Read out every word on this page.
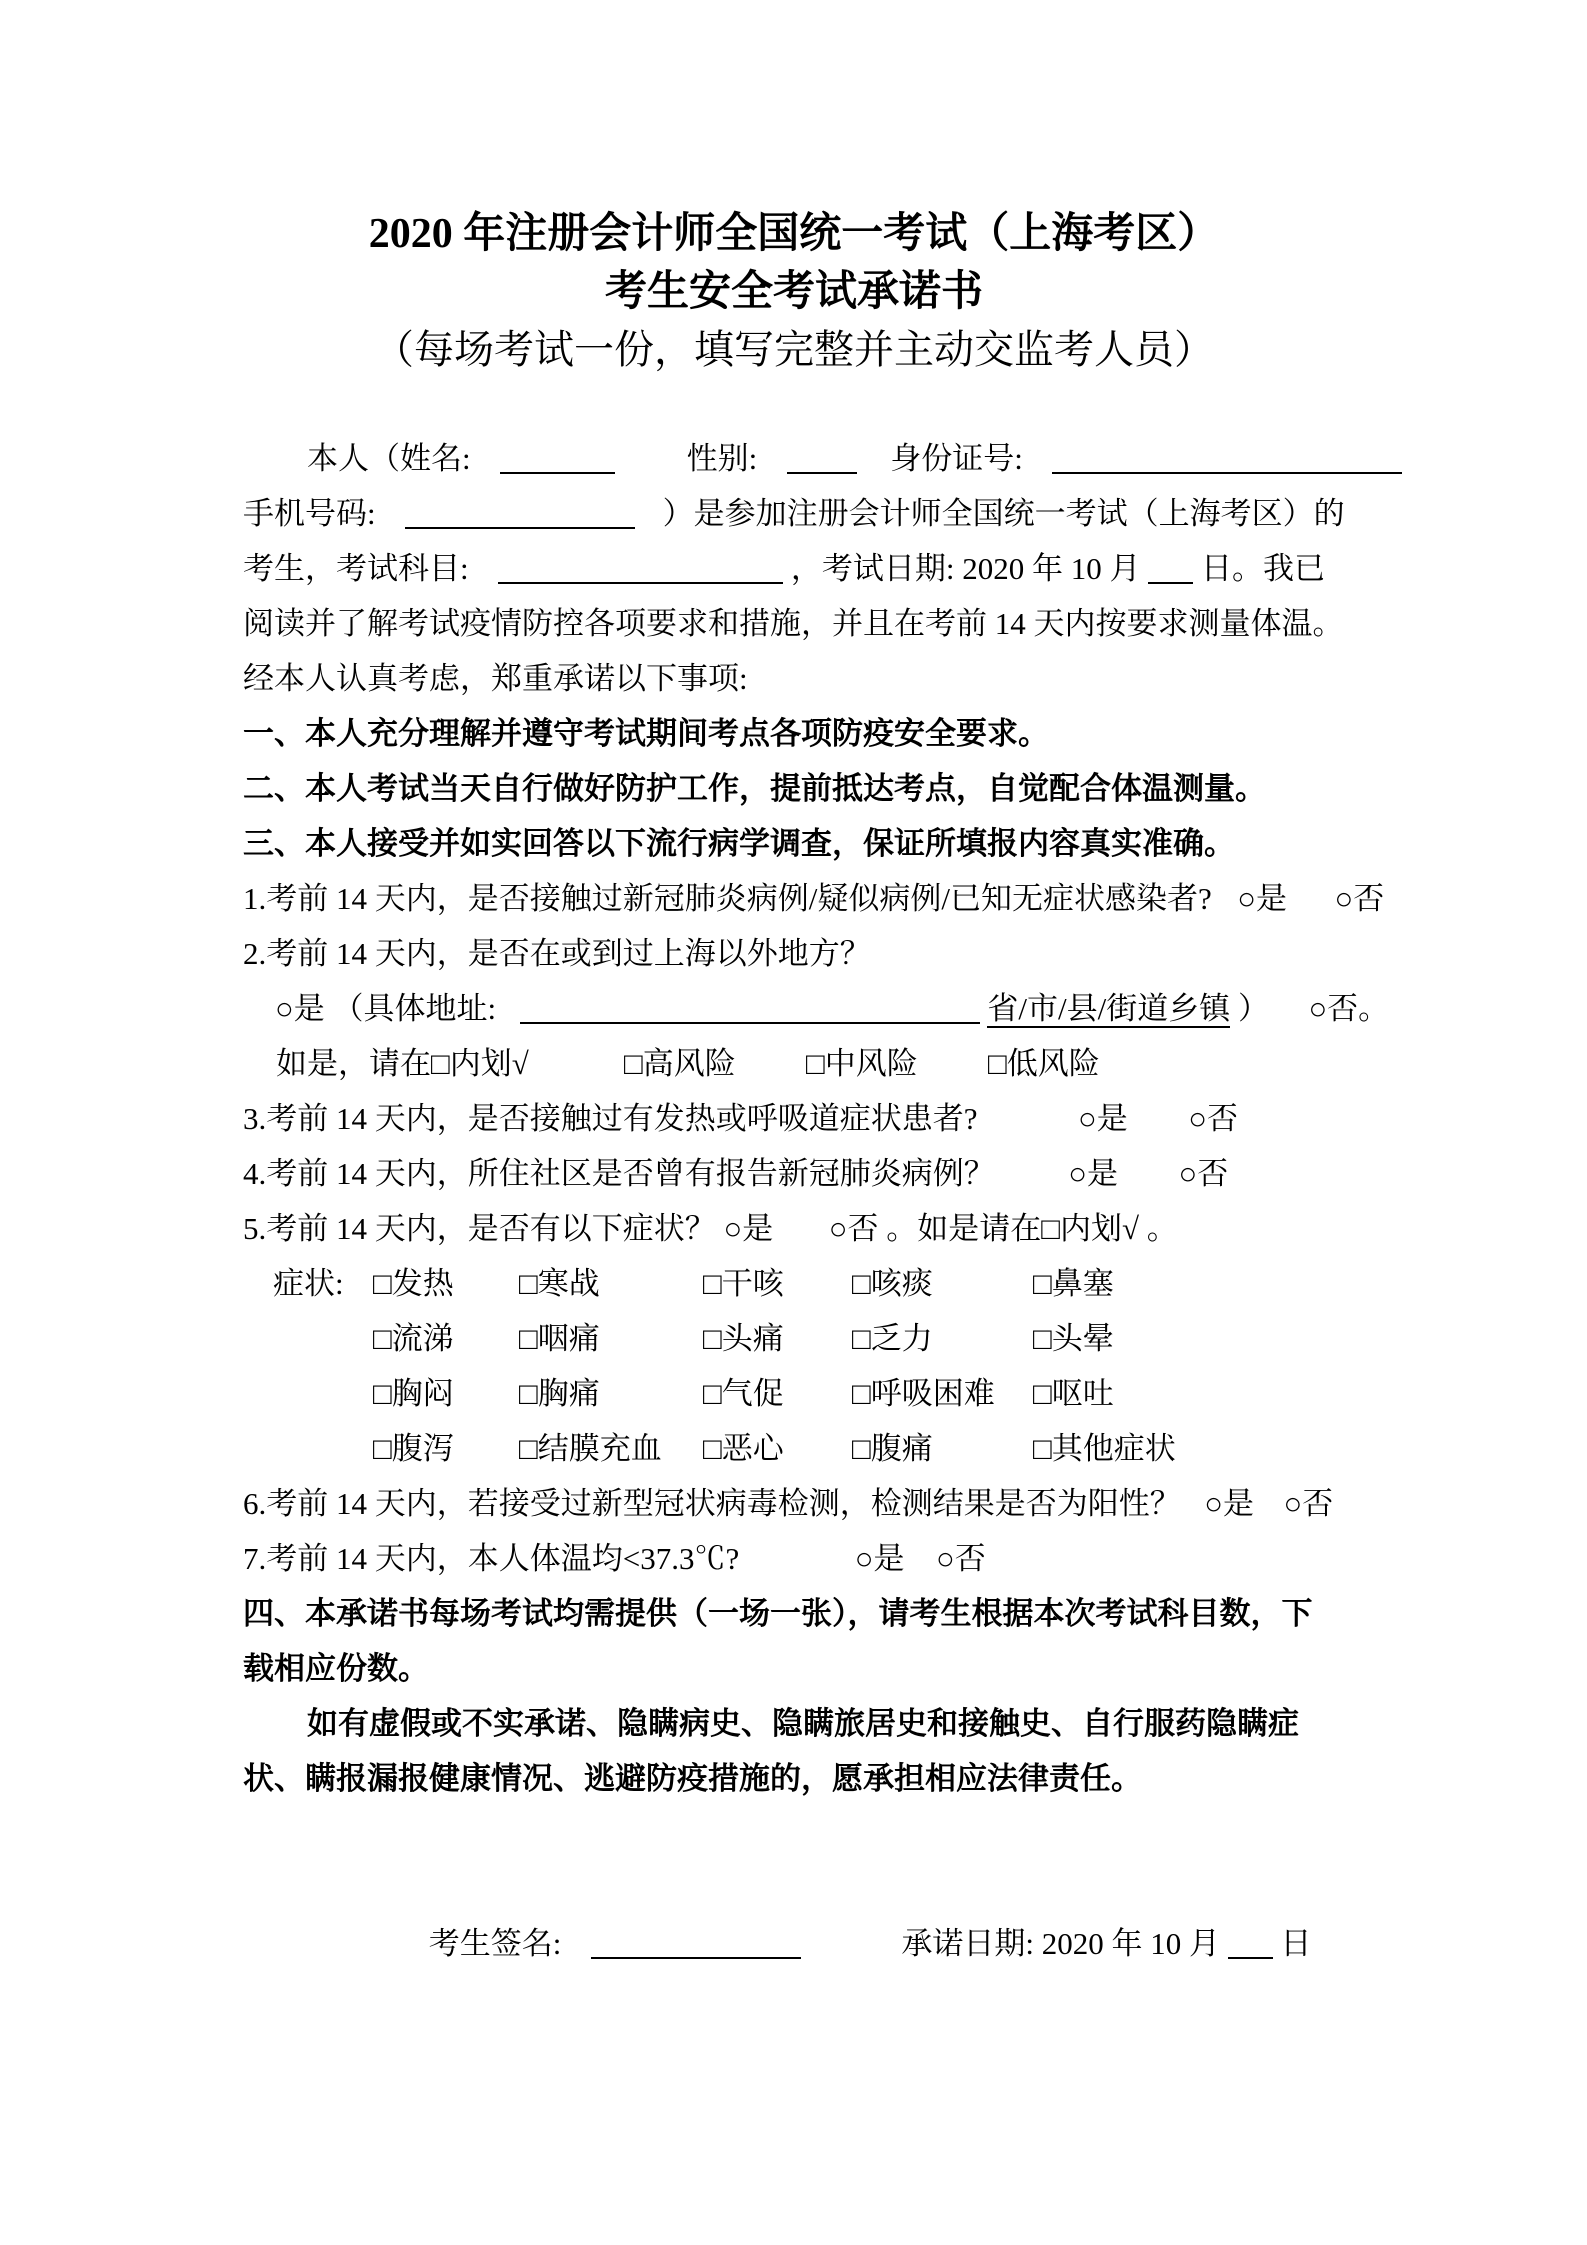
2020 年注册会计师全国统一考试（上海考区）
考生安全考试承诺书
（每场考试一份，填写完整并主动交监考人员）
本人（姓名:	性别:	身份证号:
手机号码:	）是参加注册会计师全国统一考试（上海考区）的
考生，考试科目:	，考试日期: 2020 年 10 月 日。我已
阅读并了解考试疫情防控各项要求和措施，并且在考前 14 天内按要求测量体温。
经本人认真考虑，郑重承诺以下事项:
一、本人充分理解并遵守考试期间考点各项防疫安全要求。
二、本人考试当天自行做好防护工作，提前抵达考点，自觉配合体温测量。
三、本人接受并如实回答以下流行病学调查，保证所填报内容真实准确。
1.考前 14 天内，是否接触过新冠肺炎病例/疑似病例/已知无症状感染者? ○是 ○否
2.考前 14 天内，是否在或到过上海以外地方？
○是 （具体地址:	省/市/县/街道乡镇 ） ○否。
如是，请在□内划√	□高风险 □中风险 □低风险
3.考前 14 天内，是否接触过有发热或呼吸道症状患者?	○是 ○否
4.考前 14 天内，所住社区是否曾有报告新冠肺炎病例？ ○是 ○否
5.考前 14 天内，是否有以下症状？ ○是 ○否 。如是请在□内划√ 。
症状: □发热 □寒战	□干咳 □咳痰	□鼻塞
□流涕 □咽痛	□头痛 □乏力	□头晕
□胸闷 □胸痛	□气促 □呼吸困难 □呕吐
□腹泻 □结膜充血 □恶心 □腹痛	□其他症状
6.考前 14 天内，若接受过新型冠状病毒检测，检测结果是否为阳性？ ○是 ○否
7.考前 14 天内，本人体温均<37.3℃?	○是 ○否
四、本承诺书每场考试均需提供（一场一张），请考生根据本次考试科目数，下
载相应份数。
如有虚假或不实承诺、隐瞒病史、隐瞒旅居史和接触史、自行服药隐瞒症
状、瞒报漏报健康情况、逃避防疫措施的，愿承担相应法律责任。
考生签名:	承诺日期: 2020 年 10 月 日
